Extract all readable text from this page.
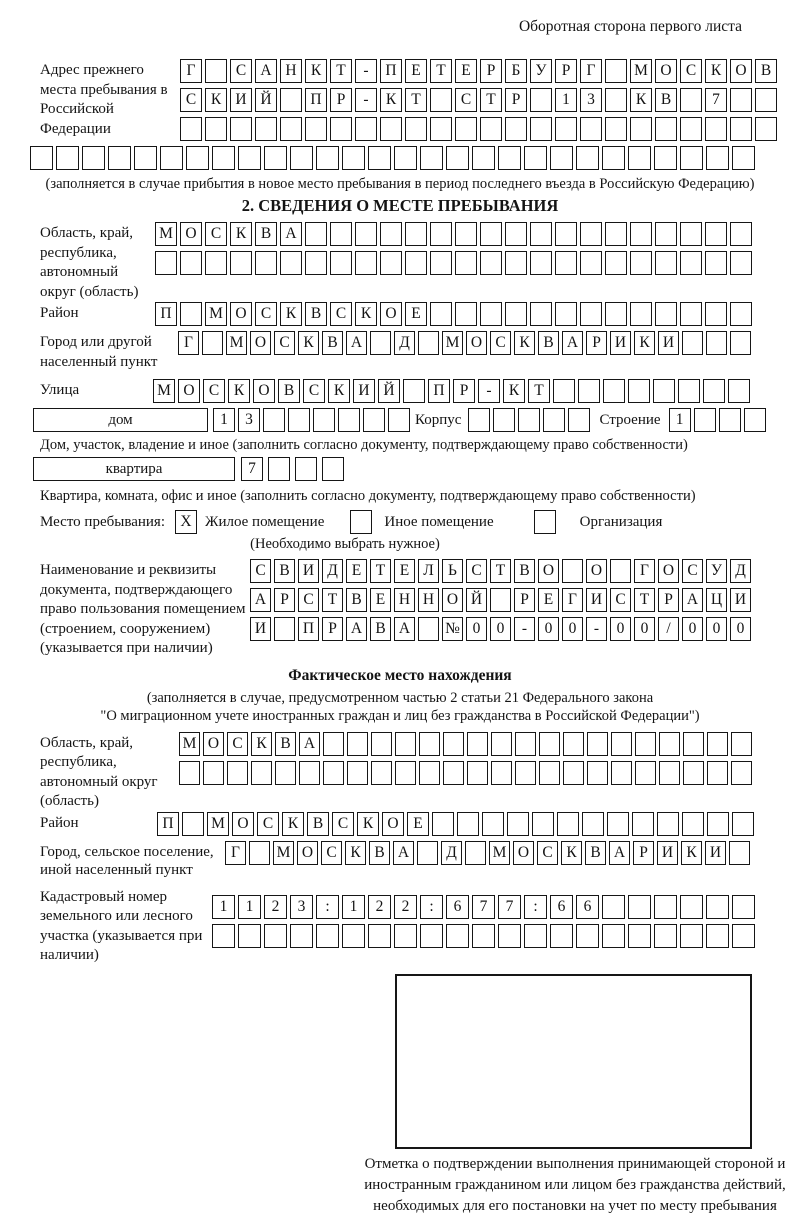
Оборотная сторона первого листа
Адрес прежнего места пребывания в Российской Федерации
Г	С А Н К Т	-	П Е	Т	Е	Р	Б У Р	Г	М О С К О В
С К И Й	П Р	-	К Т	С Т	Р	1	3	К В	7
(заполняется в случае прибытия в новое место пребывания в период последнего въезда в Российскую Федерацию)
2. СВЕДЕНИЯ О МЕСТЕ ПРЕБЫВАНИЯ
Область, край, республика, автономный округ (область)
М О С К В А
Район	П	М О С К В С К О Е
Город или другой населенный пункт
Г	М О С К В А	Д	М О С К В А Р И К И
Улица	М О С К О В С К И Й	П Р	-	К Т
дом	1	3	Корпус	Строение 1
Дом, участок, владение и иное (заполнить согласно документу, подтверждающему право собственности)
квартира	7
Квартира, комната, офис и иное (заполнить согласно документу, подтверждающему право собственности)
Место пребывания: X Жилое помещение	Иное помещение	Организация
(Необходимо выбрать нужное)
Наименование и реквизиты документа, подтверждающего право пользования помещением (строением, сооружением) (указывается при наличии)
С В И Д Е Т Е Л Ь С Т В О	О	Г О С У Д
А Р С Т В Е Н Н О Й	Р Е Г И С Т Р А Ц И
И	П Р А В А	№ 0	0	-	0	0	-	0	0	/	0	0	0
Фактическое место нахождения
(заполняется в случае, предусмотренном частью 2 статьи 21 Федерального закона
"О миграционном учете иностранных граждан и лиц без гражданства в Российской Федерации")
Область, край, республика, автономный округ (область)
М О С К В А
Район	П	М О С К В С К О Е
Город, сельское поселение, иной населенный пункт
Г	М О С К В А	Д	М О С К В А Р И К И
Кадастровый номер земельного или лесного участка (указывается при наличии)
1	1	2	3	:	1	2	2	:	6	7	7	:	6	6
Отметка о подтверждении выполнения принимающей стороной и иностранным гражданином или лицом без гражданства действий, необходимых для его постановки на учет по месту пребывания
